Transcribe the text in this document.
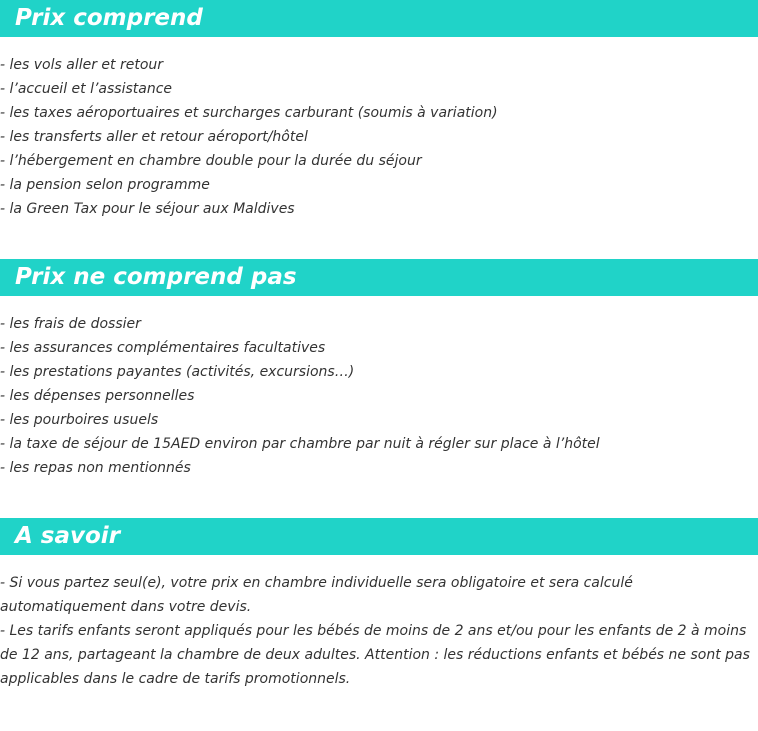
Prix comprend
- les vols aller et retour
- l’accueil et l’assistance
- les taxes aéroportuaires et surcharges carburant (soumis à variation)
- les transferts aller et retour aéroport/hôtel
- l’hébergement en chambre double pour la durée du séjour
- la pension selon programme
- la Green Tax pour le séjour aux Maldives
Prix ne comprend pas
- les frais de dossier
- les assurances complémentaires facultatives
- les prestations payantes (activités, excursions…)
- les dépenses personnelles
- les pourboires usuels
- la taxe de séjour de 15AED environ par chambre par nuit à régler sur place à l’hôtel
- les repas non mentionnés
A savoir
- Si vous partez seul(e), votre prix en chambre individuelle sera obligatoire et sera calculé automatiquement dans votre devis.
- Les tarifs enfants seront appliqués pour les bébés de moins de 2 ans et/ou pour les enfants de 2 à moins de 12 ans, partageant la chambre de deux adultes. Attention : les réductions enfants et bébés ne sont pas applicables dans le cadre de tarifs promotionnels.
